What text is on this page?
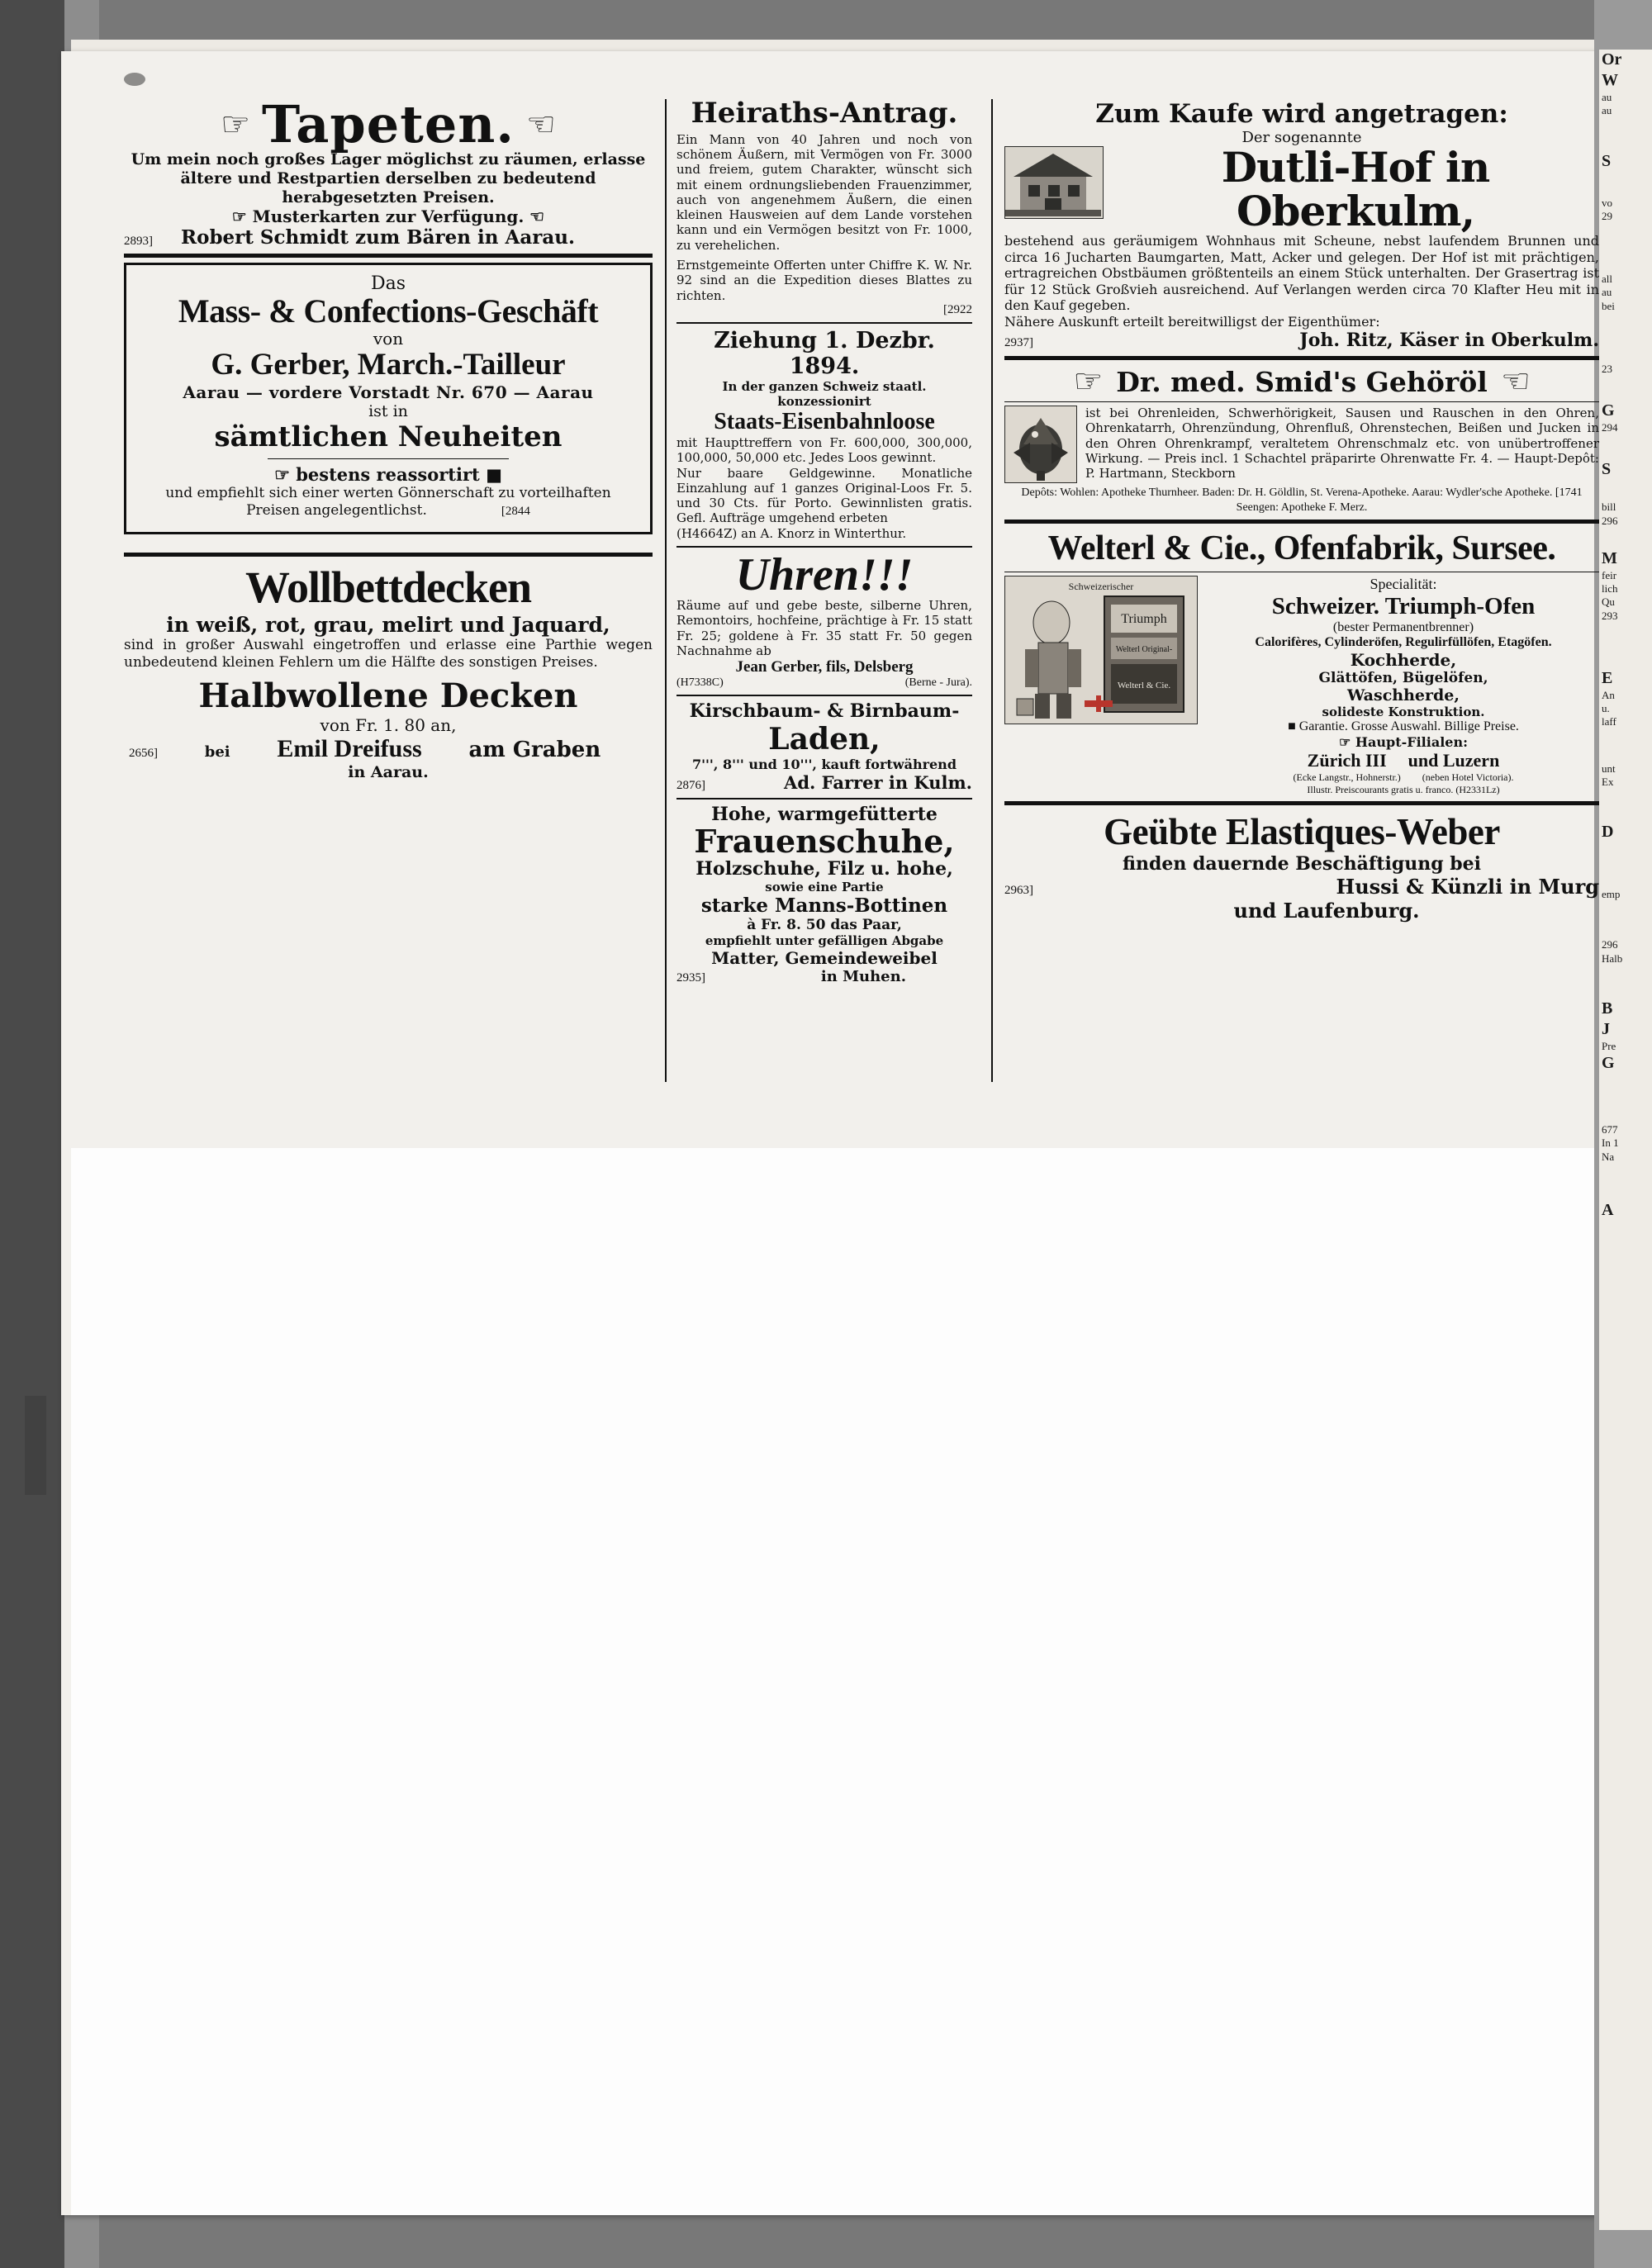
Or
W
au
au
S
vo
29
all
au
bei
23
G
294
S
bill
296
M
feir
lich
Qu
293
E
An
u.
laff
unt
Ex
D
emp
296
Halb
B
J
Pre
G
677
In 1
Na
A
☞ Tapeten. ☞
Um mein noch großes Lager möglichst zu räumen, erlasse
ältere und Restpartien derselben zu bedeutend herabgesetzten Preisen.
☞ Musterkarten zur Verfügung. ☞
2893] Robert Schmidt zum Bären in Aarau.
Das
Mass- & Confections-Geschäft
von
G. Gerber, March.-Tailleur
Aarau — vordere Vorstadt Nr. 670 — Aarau
ist in
sämtlichen Neuheiten
☞ bestens reassortirt ■
und empfiehlt sich einer werten Gönnerschaft zu vorteilhaften
Preisen angelegentlichst.	[2844
Wollbettdecken
in weiß, rot, grau, melirt und Jaquard,
sind in großer Auswahl eingetroffen und erlasse eine Parthie wegen unbedeutend kleinen Fehlern um die Hälfte des sonstigen Preises.
Halbwollene Decken
von Fr. 1. 80 an,
2656]	bei Emil Dreifuss am Graben
in Aarau.
Heiraths-Antrag.
Ein Mann von 40 Jahren und noch von schönem Äußern, mit Vermögen von Fr. 3000 und freiem, gutem Charakter, wünscht sich mit einem ordnungsliebenden Frauenzimmer, auch von angenehmem Äußern, die einen kleinen Hausweien auf dem Lande vorstehen kann und ein Vermögen besitzt von Fr. 1000, zu verehelichen.
Ernstgemeinte Offerten unter Chiffre K. W. Nr. 92 sind an die Expedition dieses Blattes zu richten.
[2922
Ziehung 1. Dezbr. 1894.
In der ganzen Schweiz staatl. konzessionirt
Staats-Eisenbahnloose
mit Haupttreffern von Fr. 600,000, 300,000, 100,000, 50,000 etc. Jedes Loos gewinnt.
Nur baare Geldgewinne. Monatliche Einzahlung auf 1 ganzes Original-Loos Fr. 5. und 30 Cts. für Porto. Gewinnlisten gratis. Gefl. Aufträge umgehend erbeten
(H4664Z) an A. Knorz in Winterthur.
Uhren!!!
Räume auf und gebe beste, silberne Uhren, Remontoirs, hochfeine, prächtige à Fr. 15 statt Fr. 25; goldene à Fr. 35 statt Fr. 50 gegen Nachnahme ab
Jean Gerber, fils, Delsberg
(H7338C)	(Berne - Jura).
Kirschbaum- & Birnbaum-
Laden,
7''', 8''' und 10''', kauft fortwährend
2876]	Ad. Farrer in Kulm.
Hohe, warmgefütterte
Frauenschuhe,
Holzschuhe, Filz u. hohe,
sowie eine Partie
starke Manns-Bottinen
à Fr. 8. 50 das Paar,
empfiehlt unter gefälligen Abgabe
Matter, Gemeindeweibel
2935]	in Muhen.
Zum Kaufe wird angetragen:
Der sogenannte
Dutli-Hof in Oberkulm,
bestehend aus geräumigem Wohnhaus mit Scheune, nebst laufendem Brunnen und circa 16 Jucharten Baumgarten, Matt, Acker und gelegen. Der Hof ist mit prächtigen, ertragreichen Obstbäumen größtenteils an einem Stück unterhalten. Der Grasertrag ist für 12 Stück Großvieh ausreichend. Auf Verlangen werden circa 70 Klafter Heu mit in den Kauf gegeben.
Nähere Auskunft erteilt bereitwilligst der Eigenthümer:
2937]	Joh. Ritz, Käser in Oberkulm.
☞ Dr. med. Smid's Gehöröl ☞
ist bei Ohrenleiden, Schwerhörigkeit, Sausen und Rauschen in den Ohren, Ohrenkatarrh, Ohrenzündung, Ohrenfluß, Ohrenstechen, Beißen und Jucken in den Ohren Ohrenkrampf, veraltetem Ohrenschmalz etc. von unübertroffener Wirkung. — Preis incl. 1 Schachtel präparirte Ohrenwatte Fr. 4. — Haupt-Depôt: P. Hartmann, Steckborn
Depôts: Wohlen: Apotheke Thurnheer. Baden: Dr. H. Göldlin, St. Verena-Apotheke. Aarau: Wydler'sche Apotheke. [1741 Seengen: Apotheke F. Merz.
Welterl & Cie., Ofenfabrik, Sursee.
Schweizerischer
Triumph
Welterl Original-
Welterl & Cie.
Specialität:
Schweizer. Triumph-Ofen
(bester Permanentbrenner)
Calorifères, Cylinderöfen, Regulirfüllöfen, Etagöfen.
Kochherde,
Glättöfen, Bügelöfen,
Waschherde,
solideste Konstruktion.
■ Garantie. Grosse Auswahl. Billige Preise.
☞ Haupt-Filialen:
Zürich III und Luzern
(Ecke Langstr., Hohnerstr.) (neben Hotel Victoria).
Illustr. Preiscourants gratis u. franco. (H2331Lz)
Geübte Elastiques-Weber
finden dauernde Beschäftigung bei
2963]	Hussi & Künzli in Murg
und Laufenburg.
